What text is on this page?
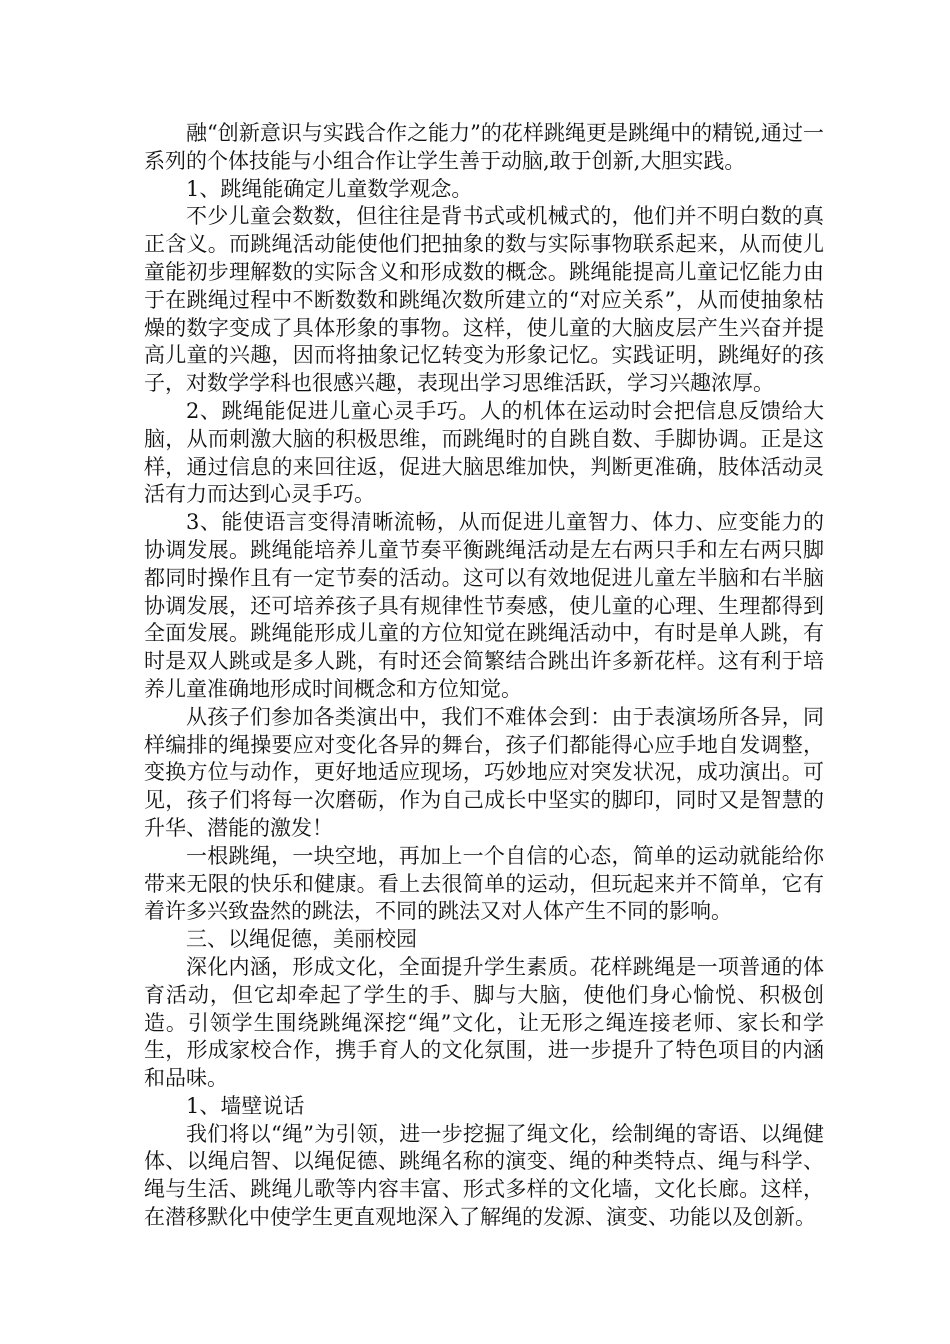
融“创新意识与实践合作之能力”的花样跳绳更是跳绳中的精锐,通过一系列的个体技能与小组合作让学生善于动脑,敢于创新,大胆实践。

1、跳绳能确定儿童数学观念。

不少儿童会数数，但往往是背书式或机械式的，他们并不明白数的真正含义。而跳绳活动能使他们把抽象的数与实际事物联系起来，从而使儿童能初步理解数的实际含义和形成数的概念。跳绳能提高儿童记忆能力由于在跳绳过程中不断数数和跳绳次数所建立的“对应关系”，从而使抽象枯燥的数字变成了具体形象的事物。这样，使儿童的大脑皮层产生兴奋并提高儿童的兴趣，因而将抽象记忆转变为形象记忆。实践证明，跳绳好的孩子，对数学学科也很感兴趣，表现出学习思维活跃，学习兴趣浓厚。

2、跳绳能促进儿童心灵手巧。人的机体在运动时会把信息反馈给大脑，从而刺激大脑的积极思维，而跳绳时的自跳自数、手脚协调。正是这样，通过信息的来回往返，促进大脑思维加快，判断更准确，肢体活动灵活有力而达到心灵手巧。

3、能使语言变得清晰流畅，从而促进儿童智力、体力、应变能力的协调发展。跳绳能培养儿童节奏平衡跳绳活动是左右两只手和左右两只脚都同时操作且有一定节奏的活动。这可以有效地促进儿童左半脑和右半脑协调发展，还可培养孩子具有规律性节奏感，使儿童的心理、生理都得到全面发展。跳绳能形成儿童的方位知觉在跳绳活动中，有时是单人跳，有时是双人跳或是多人跳，有时还会简繁结合跳出许多新花样。这有利于培养儿童准确地形成时间概念和方位知觉。

从孩子们参加各类演出中，我们不难体会到：由于表演场所各异，同样编排的绳操要应对变化各异的舞台，孩子们都能得心应手地自发调整，变换方位与动作，更好地适应现场，巧妙地应对突发状况，成功演出。可见，孩子们将每一次磨砺，作为自己成长中坚实的脚印，同时又是智慧的升华、潜能的激发！

一根跳绳，一块空地，再加上一个自信的心态，简单的运动就能给你带来无限的快乐和健康。看上去很简单的运动，但玩起来并不简单，它有着许多兴致盎然的跳法，不同的跳法又对人体产生不同的影响。

三、以绳促德，美丽校园

深化内涵，形成文化，全面提升学生素质。花样跳绳是一项普通的体育活动，但它却牵起了学生的手、脚与大脑，使他们身心愉悦、积极创造。引领学生围绕跳绳深挖“绳”文化，让无形之绳连接老师、家长和学生，形成家校合作，携手育人的文化氛围，进一步提升了特色项目的内涵和品味。

1、墙壁说话

我们将以“绳”为引领，进一步挖掘了绳文化，绘制绳的寄语、以绳健体、以绳启智、以绳促德、跳绳名称的演变、绳的种类特点、绳与科学、绳与生活、跳绳儿歌等内容丰富、形式多样的文化墙，文化长廊。这样，在潜移默化中使学生更直观地深入了解绳的发源、演变、功能以及创新。
